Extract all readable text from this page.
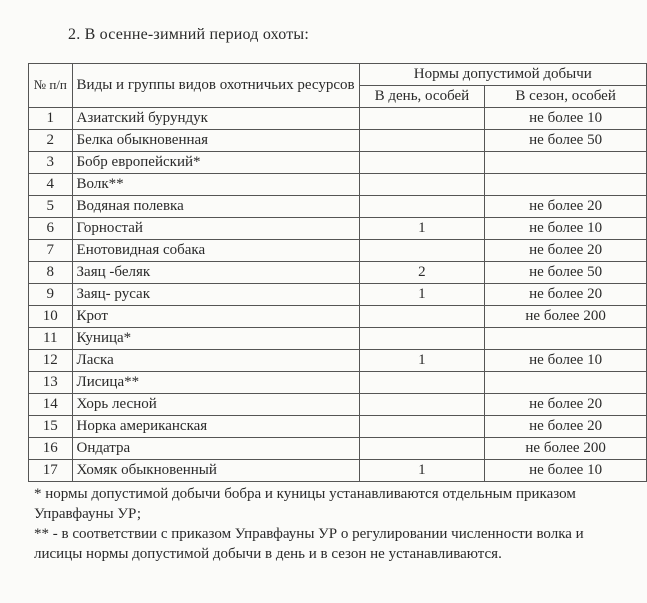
2. В осенне-зимний период охоты:
№ п/п	Виды и группы видов охотничьих ресурсов	Нормы допустимой добычи	
		В день, особей	В сезон, особей
1	Азиатский бурундук		не более 10
2	Белка обыкновенная		не более 50
3	Бобр европейский*		
4	Волк**		
5	Водяная полевка		не более 20
6	Горностай	1	не более 10
7	Енотовидная собака		не более 20
8	Заяц -беляк	2	не более 50
9	Заяц- русак	1	не более 20
10	Крот		не более 200
11	Куница*		
12	Ласка	1	не более 10
13	Лисица**		
14	Хорь лесной		не более 20
15	Норка американская		не более 20
16	Ондатра		не более 200
17	Хомяк обыкновенный	1	не более 10

* нормы допустимой добычи бобра и куницы устанавливаются отдельным приказом Управфауны УР;

** - в соответствии с приказом Управфауны УР о регулировании численности волка и лисицы нормы допустимой добычи в день и в сезон не устанавливаются.
